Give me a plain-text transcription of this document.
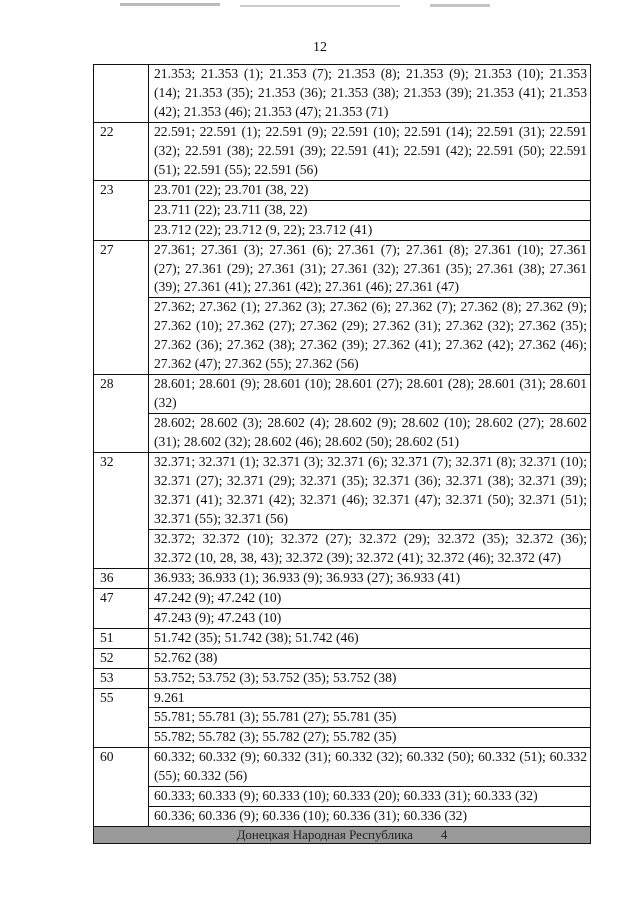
12
	21.353; 21.353 (1); 21.353 (7); 21.353 (8); 21.353 (9); 21.353 (10); 21.353 (14); 21.353 (35); 21.353 (36); 21.353 (38); 21.353 (39); 21.353 (41); 21.353 (42); 21.353 (46); 21.353 (47); 21.353 (71)
22	22.591; 22.591 (1); 22.591 (9); 22.591 (10); 22.591 (14); 22.591 (31); 22.591 (32); 22.591 (38); 22.591 (39); 22.591 (41); 22.591 (42); 22.591 (50); 22.591 (51); 22.591 (55); 22.591 (56)
23	23.701 (22); 23.701 (38, 22)
	23.711 (22); 23.711 (38, 22)
	23.712 (22); 23.712 (9, 22); 23.712 (41)
27	27.361; 27.361 (3); 27.361 (6); 27.361 (7); 27.361 (8); 27.361 (10); 27.361 (27); 27.361 (29); 27.361 (31); 27.361 (32); 27.361 (35); 27.361 (38); 27.361 (39); 27.361 (41); 27.361 (42); 27.361 (46); 27.361 (47)
	27.362; 27.362 (1); 27.362 (3); 27.362 (6); 27.362 (7); 27.362 (8); 27.362 (9); 27.362 (10); 27.362 (27); 27.362 (29); 27.362 (31); 27.362 (32); 27.362 (35); 27.362 (36); 27.362 (38); 27.362 (39); 27.362 (41); 27.362 (42); 27.362 (46); 27.362 (47); 27.362 (55); 27.362 (56)
28	28.601; 28.601 (9); 28.601 (10); 28.601 (27); 28.601 (28); 28.601 (31); 28.601 (32)
	28.602; 28.602 (3); 28.602 (4); 28.602 (9); 28.602 (10); 28.602 (27); 28.602 (31); 28.602 (32); 28.602 (46); 28.602 (50); 28.602 (51)
32	32.371; 32.371 (1); 32.371 (3); 32.371 (6); 32.371 (7); 32.371 (8); 32.371 (10); 32.371 (27); 32.371 (29); 32.371 (35); 32.371 (36); 32.371 (38); 32.371 (39); 32.371 (41); 32.371 (42); 32.371 (46); 32.371 (47); 32.371 (50); 32.371 (51); 32.371 (55); 32.371 (56)
	32.372; 32.372 (10); 32.372 (27); 32.372 (29); 32.372 (35); 32.372 (36); 32.372 (10, 28, 38, 43); 32.372 (39); 32.372 (41); 32.372 (46); 32.372 (47)
36	36.933; 36.933 (1); 36.933 (9); 36.933 (27); 36.933 (41)
47	47.242 (9); 47.242 (10)
	47.243 (9); 47.243 (10)
51	51.742 (35); 51.742 (38); 51.742 (46)
52	52.762 (38)
53	53.752; 53.752 (3); 53.752 (35); 53.752 (38)
55	9.261
	55.781; 55.781 (3); 55.781 (27); 55.781 (35)
	55.782; 55.782 (3); 55.782 (27); 55.782 (35)
60	60.332; 60.332 (9); 60.332 (31); 60.332 (32); 60.332 (50); 60.332 (51); 60.332 (55); 60.332 (56)
	60.333; 60.333 (9); 60.333 (10); 60.333 (20); 60.333 (31); 60.333 (32)
	60.336; 60.336 (9); 60.336 (10); 60.336 (31); 60.336 (32)
Донецкая Народная Республика 4	
